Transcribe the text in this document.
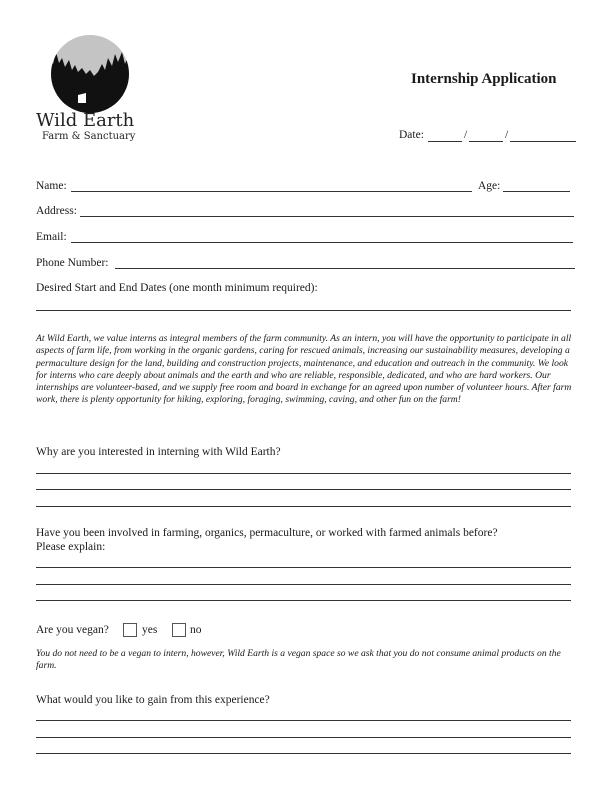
Wild Earth
Farm & Sanctuary
Internship Application
Date:	/	/
Name:	Age:
Address:
Email:
Phone Number:
Desired Start and End Dates (one month minimum required):
At Wild Earth, we value interns as integral members of the farm community. As an intern, you will have the opportunity to participate in all aspects of farm life, from working in the organic gardens, caring for rescued animals, increasing our sustainability measures, developing a permaculture design for the land, building and construction projects, maintenance, and education and outreach in the community. We look for interns who care deeply about animals and the earth and who are reliable, responsible, dedicated, and who are hard workers. Our internships are volunteer-based, and we supply free room and board in exchange for an agreed upon number of volunteer hours. After farm work, there is plenty opportunity for hiking, exploring, foraging, swimming, caving, and other fun on the farm!
Why are you interested in interning with Wild Earth?
Have you been involved in farming, organics, permaculture, or worked with farmed animals before?
Please explain:
Are you vegan?	yes	no
You do not need to be a vegan to intern, however, Wild Earth is a vegan space so we ask that you do not consume animal products on the farm.
What would you like to gain from this experience?
